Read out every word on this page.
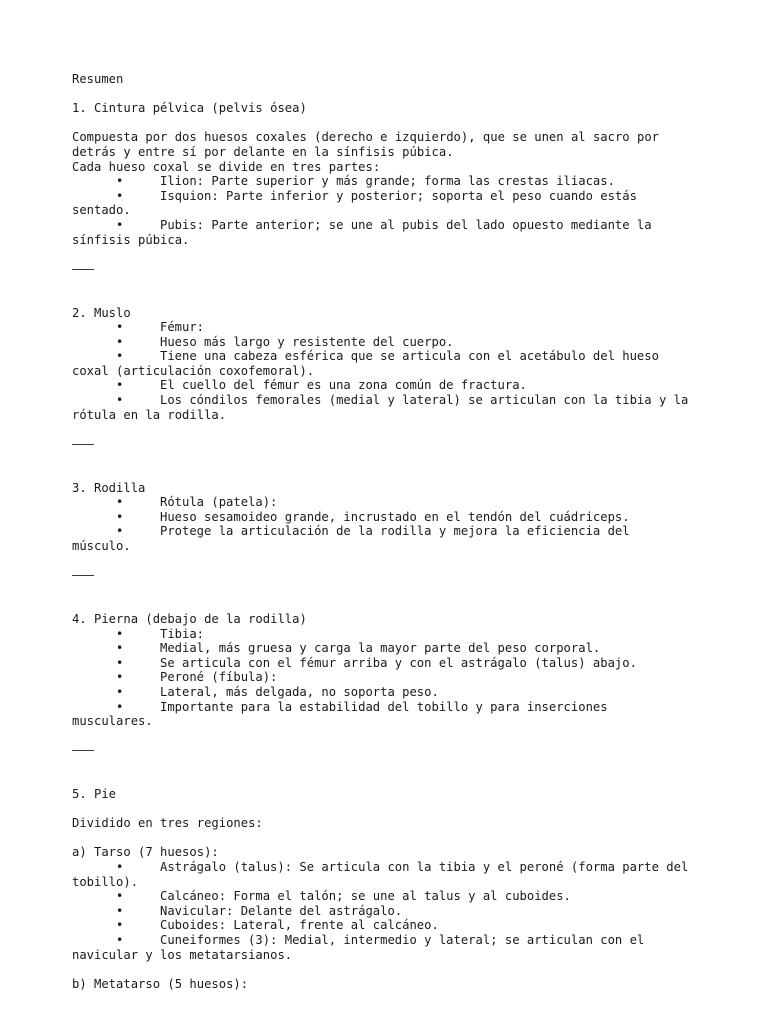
Resumen
1. Cintura pélvica (pelvis ósea)
Compuesta por dos huesos coxales (derecho e izquierdo), que se unen al sacro por detrás y entre sí por delante en la sínfisis púbica.
Cada hueso coxal se divide en tres partes:
•	Ilion: Parte superior y más grande; forma las crestas iliacas.
•	Isquion: Parte inferior y posterior; soporta el peso cuando estás sentado.
•	Pubis: Parte anterior; se une al pubis del lado opuesto mediante la sínfisis púbica.
———
2. Muslo
•	Fémur:
•	Hueso más largo y resistente del cuerpo.
•	Tiene una cabeza esférica que se articula con el acetábulo del hueso coxal (articulación coxofemoral).
•	El cuello del fémur es una zona común de fractura.
•	Los cóndilos femorales (medial y lateral) se articulan con la tibia y la rótula en la rodilla.
———
3. Rodilla
•	Rótula (patela):
•	Hueso sesamoideo grande, incrustado en el tendón del cuádriceps.
•	Protege la articulación de la rodilla y mejora la eficiencia del músculo.
———
4. Pierna (debajo de la rodilla)
•	Tibia:
•	Medial, más gruesa y carga la mayor parte del peso corporal.
•	Se articula con el fémur arriba y con el astrágalo (talus) abajo.
•	Peroné (fíbula):
•	Lateral, más delgada, no soporta peso.
•	Importante para la estabilidad del tobillo y para inserciones musculares.
———
5. Pie
Dividido en tres regiones:
a) Tarso (7 huesos):
•	Astrágalo (talus): Se articula con la tibia y el peroné (forma parte del tobillo).
•	Calcáneo: Forma el talón; se une al talus y al cuboides.
•	Navicular: Delante del astrágalo.
•	Cuboides: Lateral, frente al calcáneo.
•	Cuneiformes (3): Medial, intermedio y lateral; se articulan con el navicular y los metatarsianos.
b) Metatarso (5 huesos):
